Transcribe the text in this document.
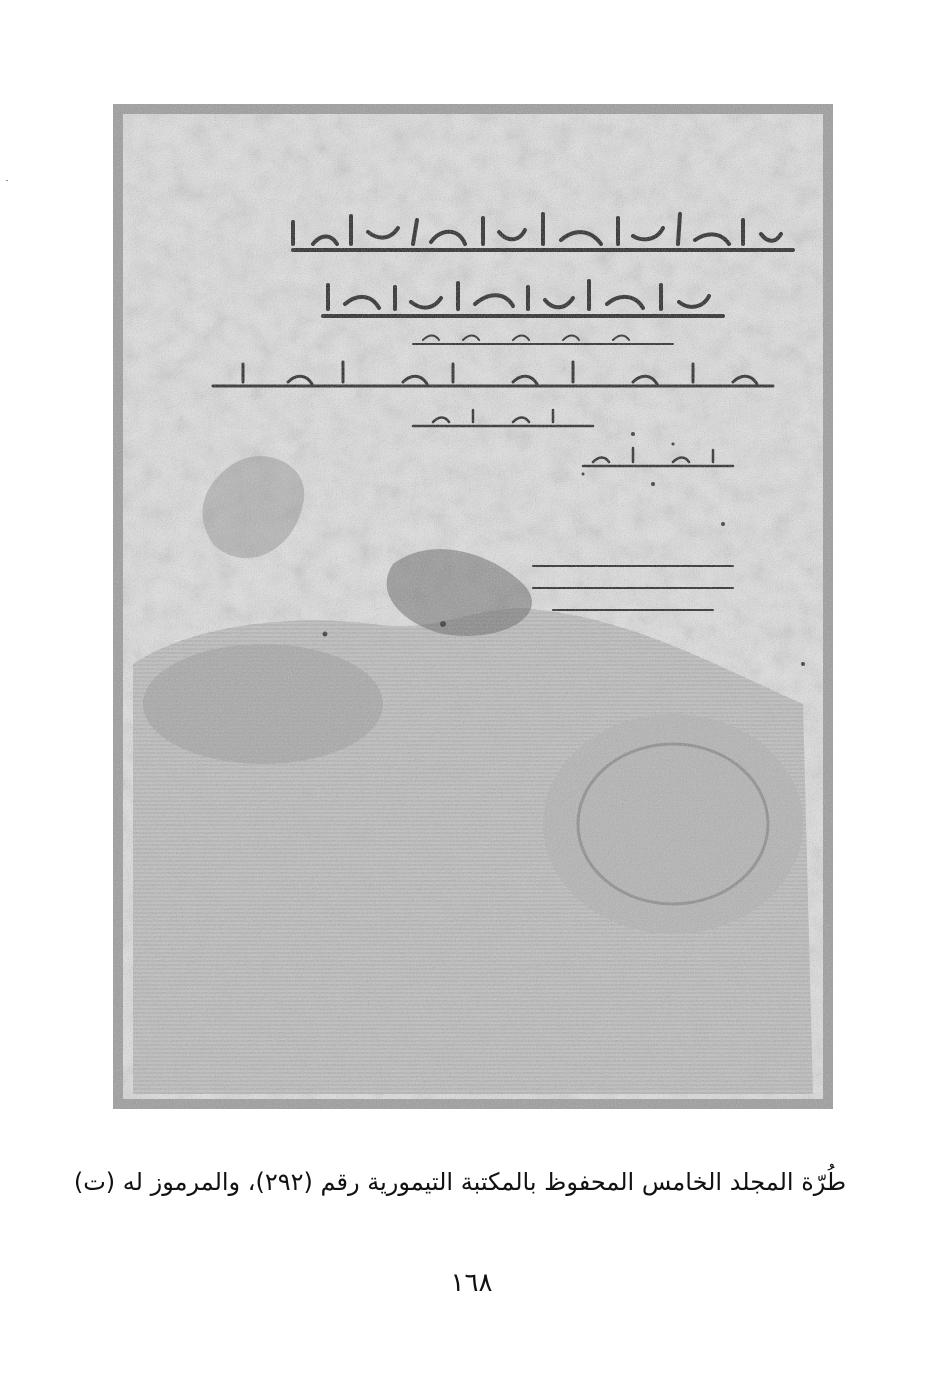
طُرّة المجلد الخامس المحفوظ بالمكتبة التيمورية رقم (٢٩٢)، والمرموز له (ت)
١٦٨
